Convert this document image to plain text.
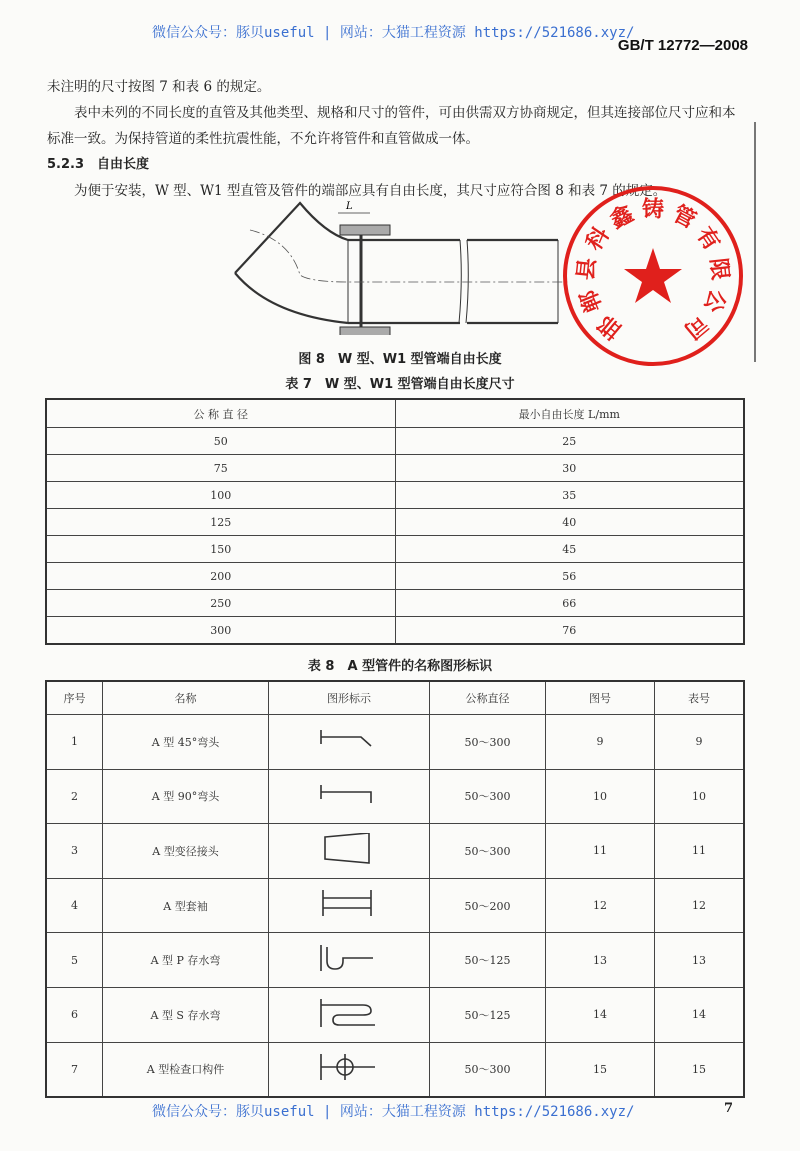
微信公众号：豚贝useful | 网站：大猫工程资源 https://521686.xyz/
GB/T 12772—2008

未注明的尺寸按图 7 和表 6 的规定。

表中未列的不同长度的直管及其他类型、规格和尺寸的管件，可由供需双方协商规定，但其连接部位尺寸应和本标准一致。为保持管道的柔性抗震性能，不允许将管件和直管做成一体。

5.2.3　 自由长度

为便于安装，W 型、W1 型直管及管件的端部应具有自由长度，其尺寸应符合图 8 和表 7 的规定。

L
邯
郸
县
科
鑫 铸 管
有
限
公
司
图 8　W 型、W1 型管端自由长度
表 7　W 型、W1 型管端自由长度尺寸
公 称 直 径	最小自由长度 L/mm
50	25
75	30
100	35
125	40
150	45
200	56
250	66
300	76
表 8　A 型管件的名称图形标识
序号	名称	图形标示	公称直径	图号	表号
1	A 型 45°弯头		50～300	9	9
2	A 型 90°弯头		50～300	10	10
3	A 型变径接头		50～300	11	11
4	A 型套袖		50～200	12	12
5	A 型 P 存水弯		50～125	13	13
6	A 型 S 存水弯		50～125	14	14
7	A 型检查口构件		50～300	15	15
微信公众号：豚贝useful | 网站：大猫工程资源 https://521686.xyz/	7
